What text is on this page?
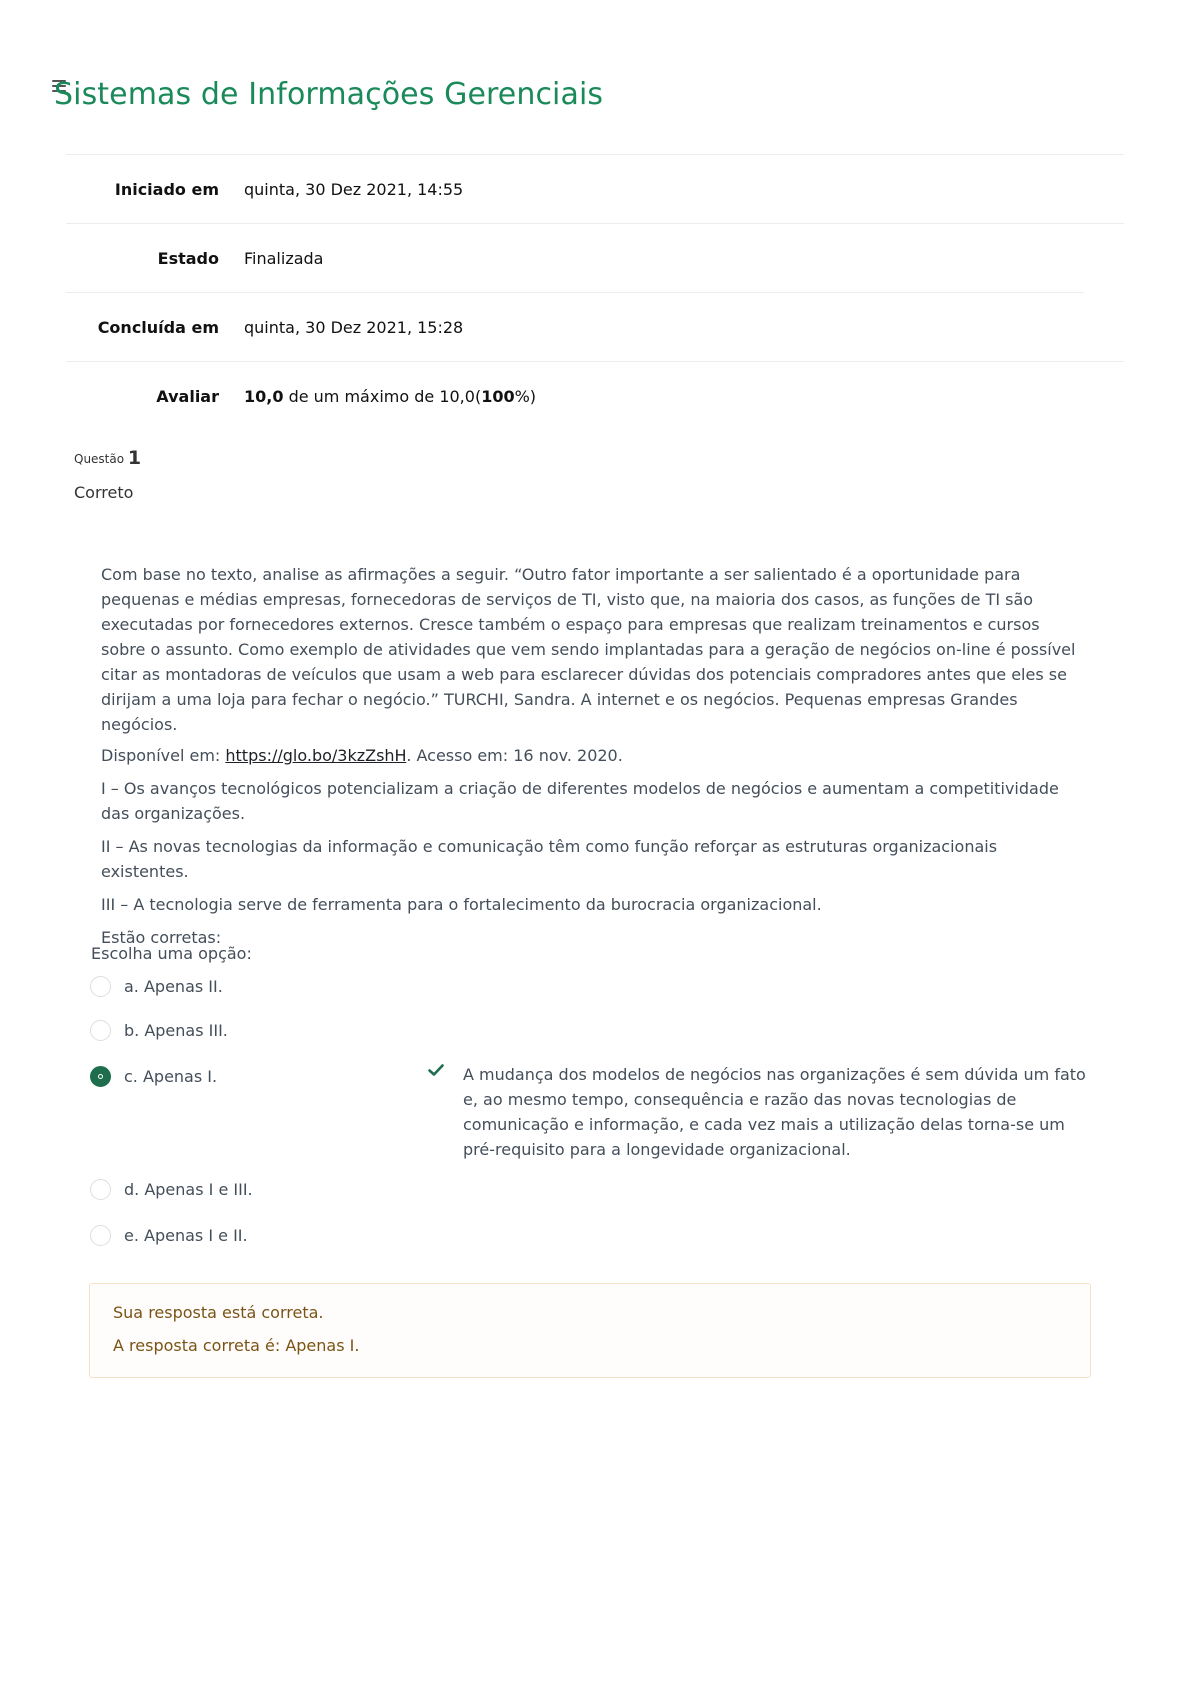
Sistemas de Informações Gerenciais
Iniciado em quinta, 30 Dez 2021, 14:55
Estado Finalizada
Concluída em quinta, 30 Dez 2021, 15:28
Avaliar 10,0 de um máximo de 10,0(100%)
Questão 1
Correto

Com base no texto, analise as afirmações a seguir. “Outro fator importante a ser salientado é a oportunidade para pequenas e médias empresas, fornecedoras de serviços de TI, visto que, na maioria dos casos, as funções de TI são executadas por fornecedores externos. Cresce também o espaço para empresas que realizam treinamentos e cursos sobre o assunto. Como exemplo de atividades que vem sendo implantadas para a geração de negócios on-line é possível citar as montadoras de veículos que usam a web para esclarecer dúvidas dos potenciais compradores antes que eles se dirijam a uma loja para fechar o negócio.” TURCHI, Sandra. A internet e os negócios. Pequenas empresas Grandes negócios.

Disponível em: https://glo.bo/3kzZshH. Acesso em: 16 nov. 2020.

I – Os avanços tecnológicos potencializam a criação de diferentes modelos de negócios e aumentam a competitividade das organizações.

II – As novas tecnologias da informação e comunicação têm como função reforçar as estruturas organizacionais existentes.

III – A tecnologia serve de ferramenta para o fortalecimento da burocracia organizacional.

Estão corretas:

Escolha uma opção:
a. Apenas II.
b. Apenas III.
c. Apenas I.
d. Apenas I e III.
e. Apenas I e II.
A mudança dos modelos de negócios nas organizações é sem dúvida um fato e, ao mesmo tempo, consequência e razão das novas tecnologias de comunicação e informação, e cada vez mais a utilização delas torna-se um pré-requisito para a longevidade organizacional.

Sua resposta está correta.

A resposta correta é: Apenas I.
